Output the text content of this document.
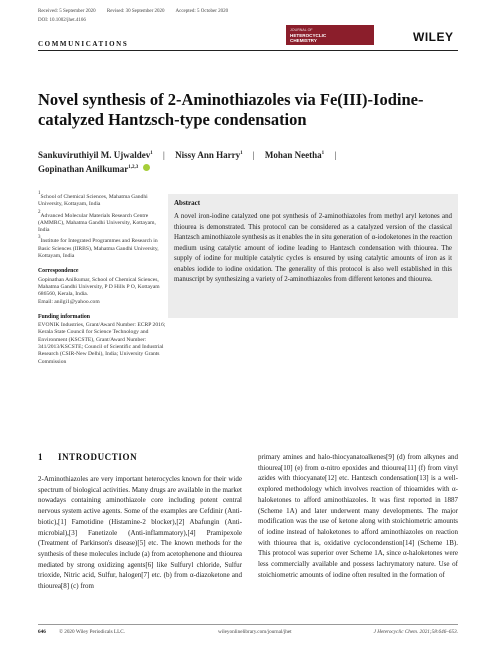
Received: 5 September 2020 Revised: 30 September 2020 Accepted: 5 October 2020
DOI: 10.1002/jhet.4166
COMMUNICATIONS
JOURNAL OF
HETEROCYCLIC
CHEMISTRY	WILEY
Novel synthesis of 2-Aminothiazoles via Fe(III)-Iodine-catalyzed Hantzsch-type condensation
Sankuviruthiyil M. Ujwaldev$^1$ | Nissy Ann Harry$^1$ | Mohan Neetha$^1$ |
Gopinathan Anilkumar$^{1,2,3}$

$^1$School of Chemical Sciences, Mahatma Gandhi University, Kottayam, India

$^2$Advanced Molecular Materials Research Centre (AMMRC), Mahatma Gandhi University, Kottayam, India

$^3$Institute for Integrated Programmes and Research in Basic Sciences (IIRBS), Mahatma Gandhi University, Kottayam, India

Correspondence

Gopinathan Anilkumar, School of Chemical Sciences, Mahatma Gandhi University, P D Hills P O, Kottayam 686560, Kerala, India.

Email: anilgi1@yahoo.com

Funding information

EVONIK Industries, Grant/Award Number: ECRP 2016; Kerala State Council for Science Technology and Environment (KSCSTE), Grant/Award Number: 341/2013/KSCSTE; Council of Scientific and Industrial Research (CSIR-New Delhi), India; University Grants Commission

Abstract
A novel iron-iodine catalyzed one pot synthesis of 2-aminothiazoles from methyl aryl ketones and thiourea is demonstrated. This protocol can be considered as a catalyzed version of the classical Hantzsch aminothiazole synthesis as it enables the in situ generation of α-iodoketones in the reaction medium using catalytic amount of iodine leading to Hantzsch condensation with thiourea. The supply of iodine for multiple catalytic cycles is ensured by using catalytic amounts of iron as it enables iodide to iodine oxidation. The generality of this protocol is also well established in this manuscript by synthesizing a variety of 2-aminothiazoles from different ketones and thiourea.
1 INTRODUCTION
2-Aminothiazoles are very important heterocycles known for their wide spectrum of biological activities. Many drugs are available in the market nowadays containing aminothiazole core including potent central nervous system active agents. Some of the examples are Cefdinir (Anti-biotic),[1] Famotidine (Histamine-2 blocker),[2] Abafungin (Anti-microbial),[3] Fanetizole (Anti-inflammatory),[4] Pramipexole (Treatment of Parkinson's disease)[5] etc. The known methods for the synthesis of these molecules include (a) from acetophenone and thiourea mediated by strong oxidizing agents[6] like Sulfuryl chloride, Sulfur trioxide, Nitric acid, Sulfur, halogen[7] etc. (b) from α-diazoketone and thiourea[8] (c) from
primary amines and halo-thiocyanatoalkenes[9] (d) from alkynes and thiourea[10] (e) from α-nitro epoxides and thiourea[11] (f) from vinyl azides with thiocyanate[12] etc. Hantzsch condensation[13] is a well-explored methodology which involves reaction of thioamides with α-haloketones to afford aminothiazoles. It was first reported in 1887 (Scheme 1A) and later underwent many developments. The major modification was the use of ketone along with stoichiometric amounts of iodine instead of haloketones to afford aminothiazoles on reaction with thiourea that is, oxidative cyclocondenstion[14] (Scheme 1B). This protocol was superior over Scheme 1A, since α-haloketones were less commercially available and possess lachrymatory nature. Use of stoichiometric amounts of iodine often resulted in the formation of
646	© 2020 Wiley Periodicals LLC.	wileyonlinelibrary.com/journal/jhet	J Heterocyclic Chem. 2021;58:646–653.
